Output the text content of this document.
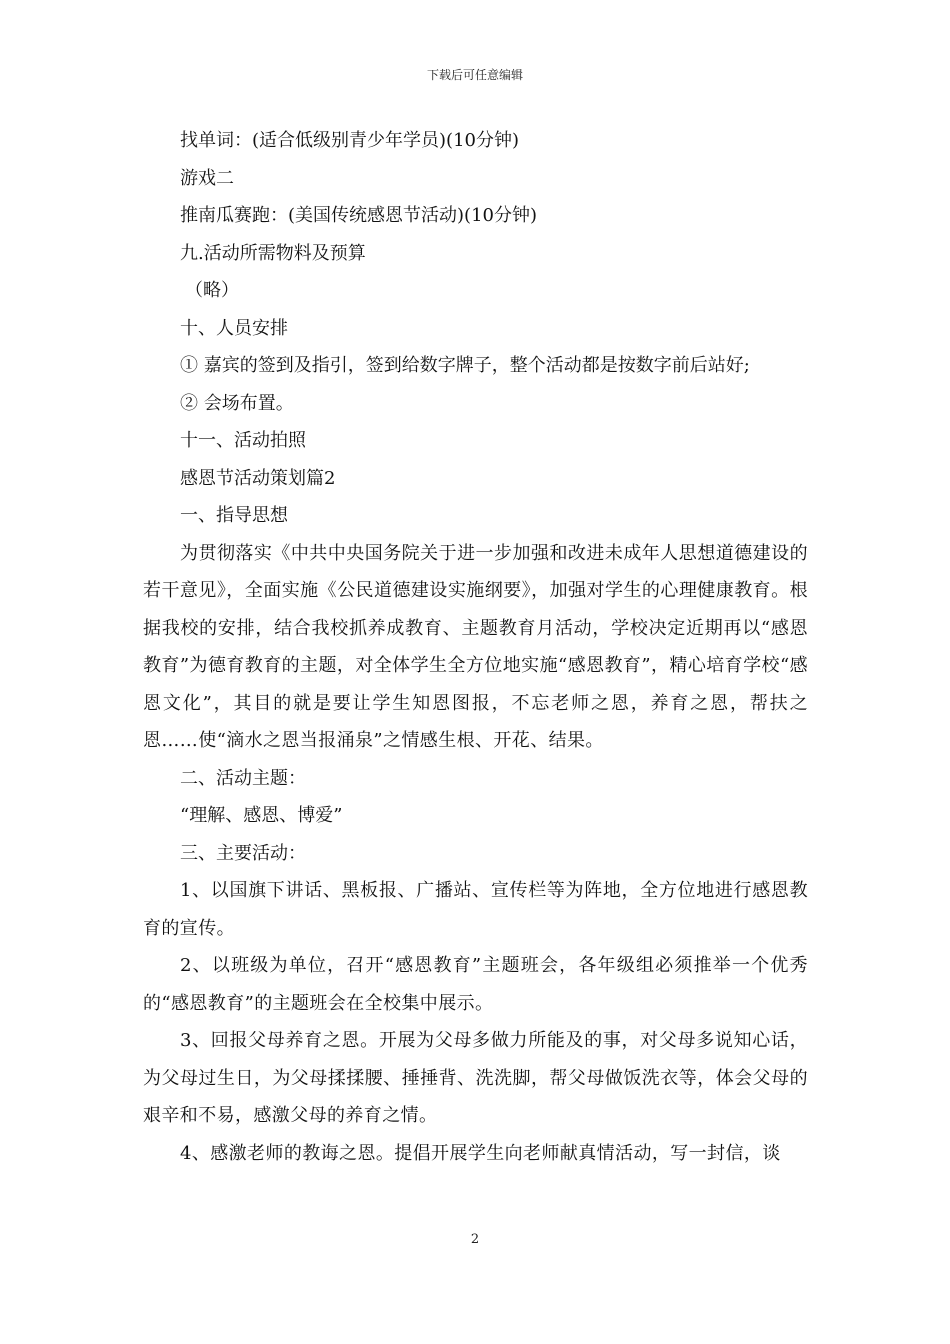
下载后可任意编辑

找单词：(适合低级别青少年学员)(10分钟)

游戏二

推南瓜赛跑：(美国传统感恩节活动)(10分钟)

九.活动所需物料及预算

（略）

十、人员安排

① 嘉宾的签到及指引，签到给数字牌子，整个活动都是按数字前后站好;

② 会场布置。

十一、活动拍照

感恩节活动策划篇2

一、指导思想

为贯彻落实《中共中央国务院关于进一步加强和改进未成年人思想道德建设的若干意见》，全面实施《公民道德建设实施纲要》，加强对学生的心理健康教育。根据我校的安排，结合我校抓养成教育、主题教育月活动，学校决定近期再以“感恩教育”为德育教育的主题，对全体学生全方位地实施“感恩教育”，精心培育学校“感恩文化”，其目的就是要让学生知恩图报，不忘老师之恩，养育之恩，帮扶之恩……使“滴水之恩当报涌泉”之情感生根、开花、结果。

二、活动主题：

“理解、感恩、博爱”

三、主要活动：

1、以国旗下讲话、黑板报、广播站、宣传栏等为阵地，全方位地进行感恩教育的宣传。

2、以班级为单位，召开“感恩教育”主题班会，各年级组必须推举一个优秀的“感恩教育”的主题班会在全校集中展示。

3、回报父母养育之恩。开展为父母多做力所能及的事，对父母多说知心话，为父母过生日，为父母揉揉腰、捶捶背、洗洗脚，帮父母做饭洗衣等，体会父母的艰辛和不易，感激父母的养育之情。

4、感激老师的教诲之恩。提倡开展学生向老师献真情活动，写一封信，谈

2
